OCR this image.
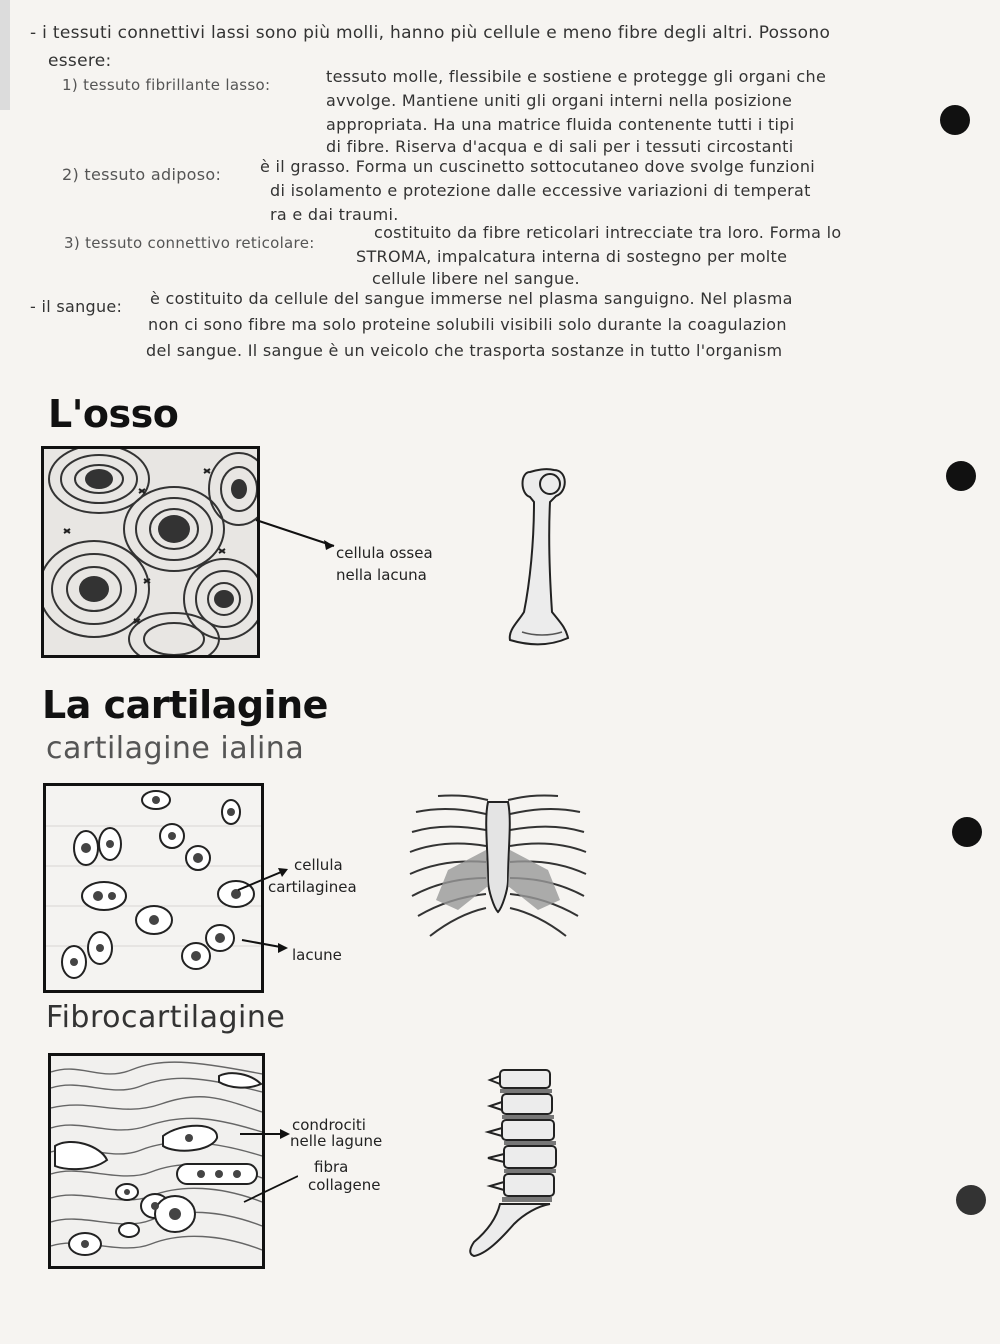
- i tessuti connettivi lassi sono più molli, hanno più cellule e meno fibre degli altri. Possono
essere:
1) tessuto fibrillante lasso:	tessuto molle, flessibile e sostiene e protegge gli organi che
avvolge. Mantiene uniti gli organi interni nella posizione
appropriata. Ha una matrice fluida contenente tutti i tipi
di fibre. Riserva d'acqua e di sali per i tessuti circostanti
2) tessuto adiposo: è il grasso. Forma un cuscinetto sottocutaneo dove svolge funzioni
di isolamento e protezione dalle eccessive variazioni di temperat
ra e dai traumi.
3) tessuto connettivo reticolare:
costituito da fibre reticolari intrecciate tra loro. Forma lo
STROMA, impalcatura interna di sostegno per molte
cellule libere nel sangue.
- il sangue: è costituito da cellule del sangue immerse nel plasma sanguigno. Nel plasma
non ci sono fibre ma solo proteine solubili visibili solo durante la coagulazion
del sangue. Il sangue è un veicolo che trasporta sostanze in tutto l'organism
L'osso
cellula ossea
nella lacuna
La cartilagine
cartilagine ialina
cellula
cartilaginea
lacune
Fibrocartilagine
condrociti
nelle lagune
fibra
collagene
